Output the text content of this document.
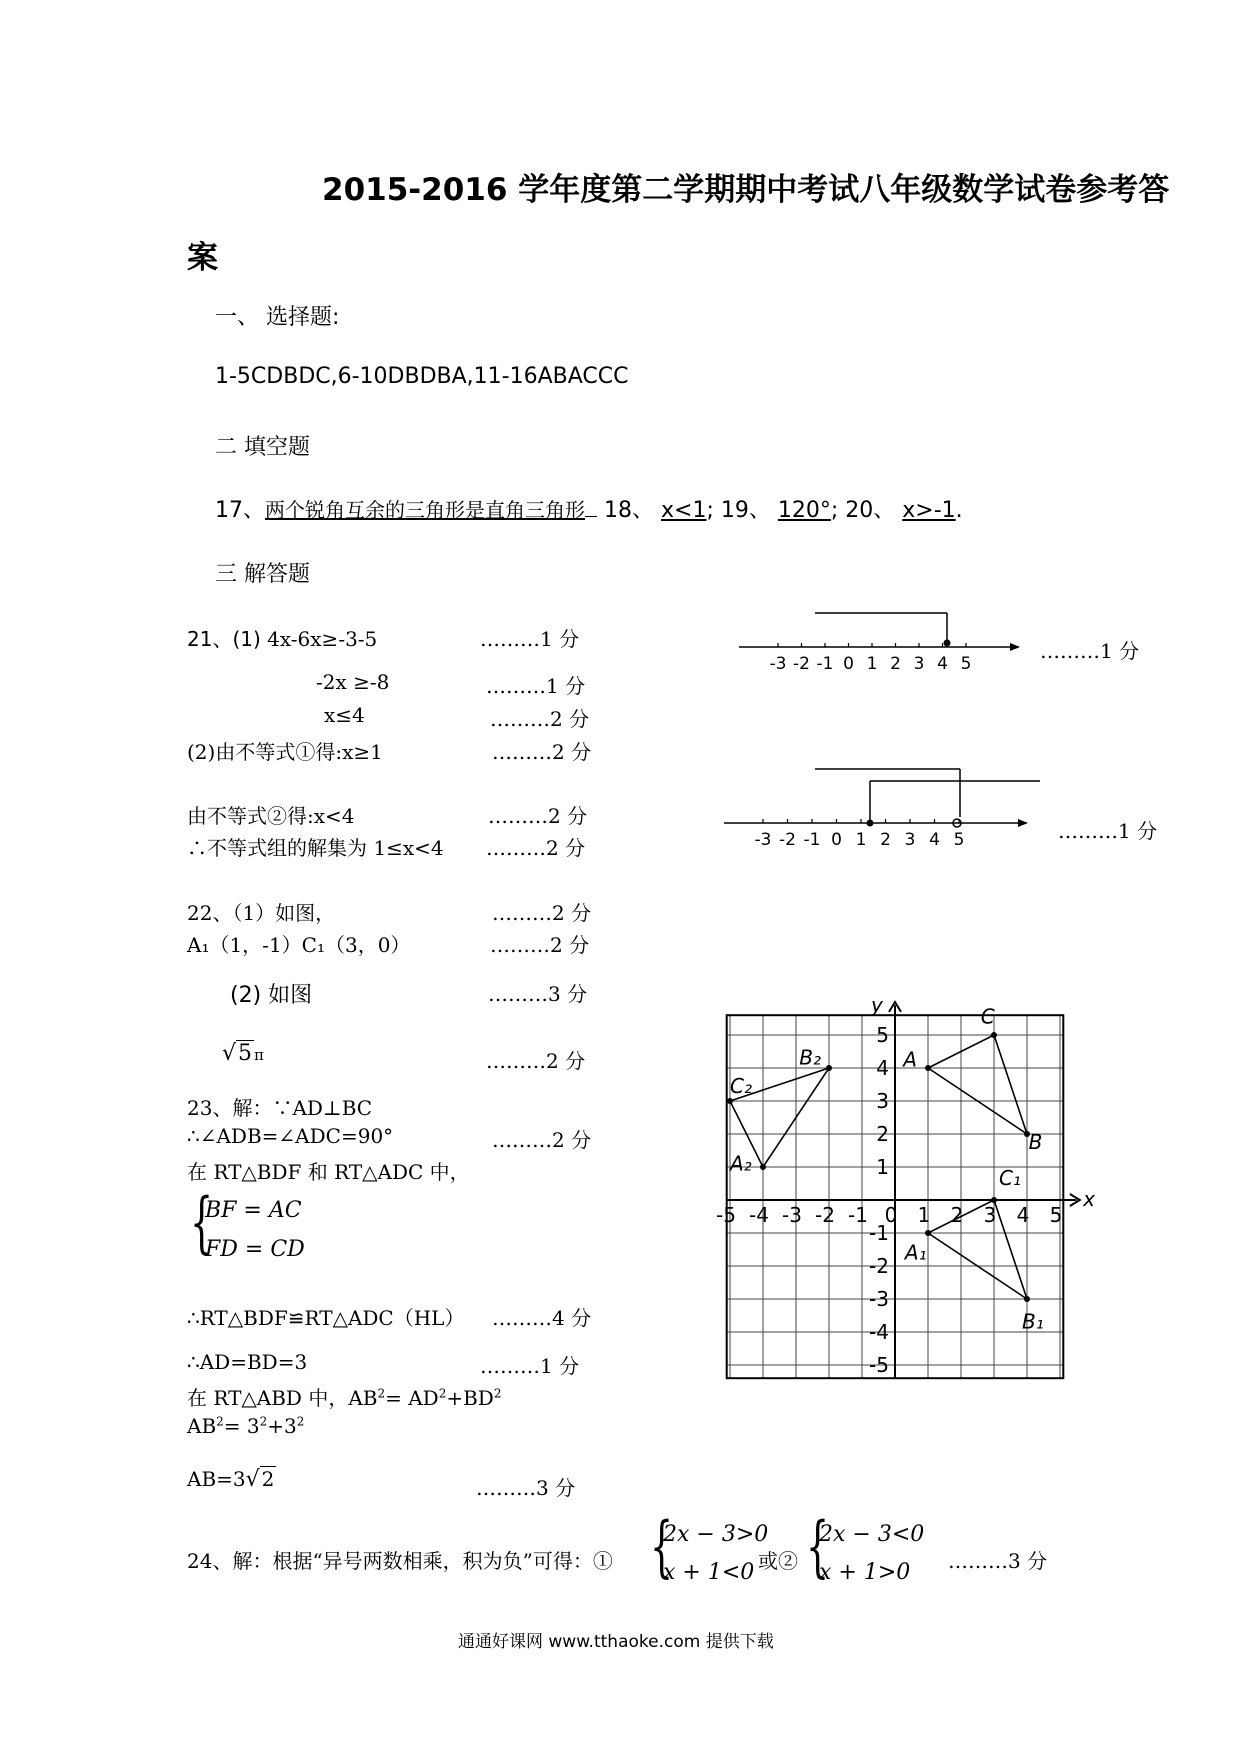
2015-2016 学年度第二学期期中考试八年级数学试卷参考答
案
一、 选择题:
1-5CDBDC,6-10DBDBA,11-16ABACCC
二 填空题
17、两个锐角互余的三角形是直角三角形 18、 x<1; 19、 120°; 20、 x>-1.
三 解答题
21、(1) 4x-6x≥-3-5	………1 分
-2x ≥-8	………1 分
x≤4	………2 分
(2)由不等式①得:x≥1	………2 分
由不等式②得:x<4	………2 分
∴不等式组的解集为 1≤x<4 ………2 分
-3 -2 -1 0 1 2 3 4 5
………1 分
-3 -2 -1 0 1 2 3 4 5	………1 分
22、（1）如图，	………2 分
A₁（1，-1）C₁（3，0）	………2 分
(2) 如图	………3 分
√5 π	………2 分
23、解：∵AD⊥BC
∴∠ADB=∠ADC=90°	………2 分
在 RT△BDF 和 RT△ADC 中，
{
BF = AC
FD = CD
∴RT△BDF≌RT△ADC（HL） ………4 分
∴AD=BD=3	………1 分
在 RT△ABD 中，$AB^2= AD^2+BD^2$
$AB^2= 3^2+3^2$
AB=3√ 2	………3 分
24、解：根据“异号两数相乘，积为负”可得：① {
2x − 3>0
x + 1<0 或② {
2x − 3<0
x + 1>0 ………3 分
x
y
-5 -4 -3 -2 -1 0 1 2 3 4 5
5
4
3
2
1
-1
-2
-3
-4
-5
A
C
B
C₁
A₁
B₁
B₂
C₂
A₂
通通好课网 www.tthaoke.com 提供下载
